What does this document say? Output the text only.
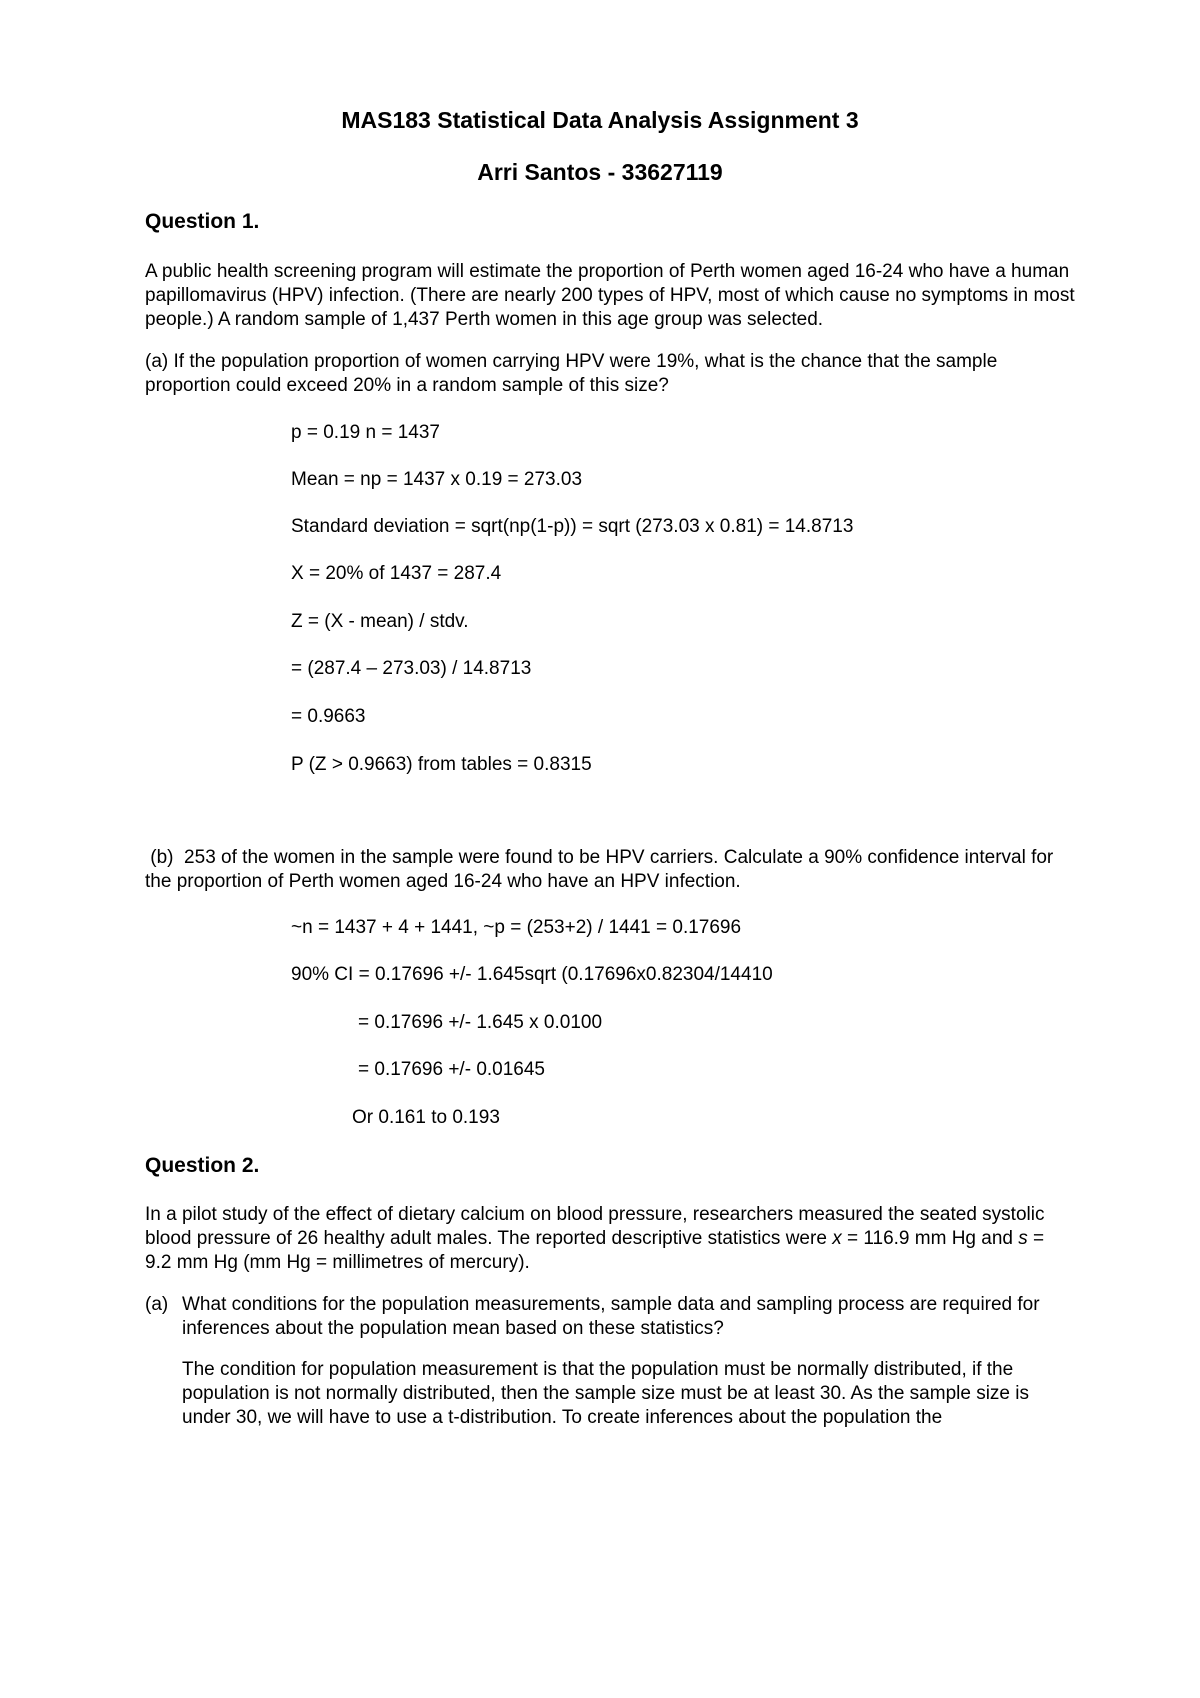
MAS183 Statistical Data Analysis Assignment 3
Arri Santos - 33627119
Question 1.
A public health screening program will estimate the proportion of Perth women aged 16-24 who have a human papillomavirus (HPV) infection. (There are nearly 200 types of HPV, most of which cause no symptoms in most people.) A random sample of 1,437 Perth women in this age group was selected.
(a) If the population proportion of women carrying HPV were 19%, what is the chance that the sample proportion could exceed 20% in a random sample of this size?
p = 0.19 n = 1437
Mean = np = 1437 x 0.19 = 273.03
Standard deviation = sqrt(np(1-p)) = sqrt (273.03 x 0.81) = 14.8713
X = 20% of 1437 = 287.4
Z = (X - mean) / stdv.
= (287.4 – 273.03) / 14.8713
= 0.9663
P (Z > 0.9663) from tables = 0.8315
(b)  253 of the women in the sample were found to be HPV carriers. Calculate a 90% confidence interval for the proportion of Perth women aged 16-24 who have an HPV infection.
~n = 1437 + 4 + 1441, ~p = (253+2) / 1441 = 0.17696
90% CI = 0.17696 +/- 1.645sqrt (0.17696x0.82304/14410
= 0.17696 +/- 1.645 x 0.0100
= 0.17696 +/- 0.01645
Or 0.161 to 0.193
Question 2.
In a pilot study of the effect of dietary calcium on blood pressure, researchers measured the seated systolic blood pressure of 26 healthy adult males. The reported descriptive statistics were x = 116.9 mm Hg and s = 9.2 mm Hg (mm Hg = millimetres of mercury).
(a) What conditions for the population measurements, sample data and sampling process are required for inferences about the population mean based on these statistics?
The condition for population measurement is that the population must be normally distributed, if the population is not normally distributed, then the sample size must be at least 30. As the sample size is under 30, we will have to use a t-distribution. To create inferences about the population the
